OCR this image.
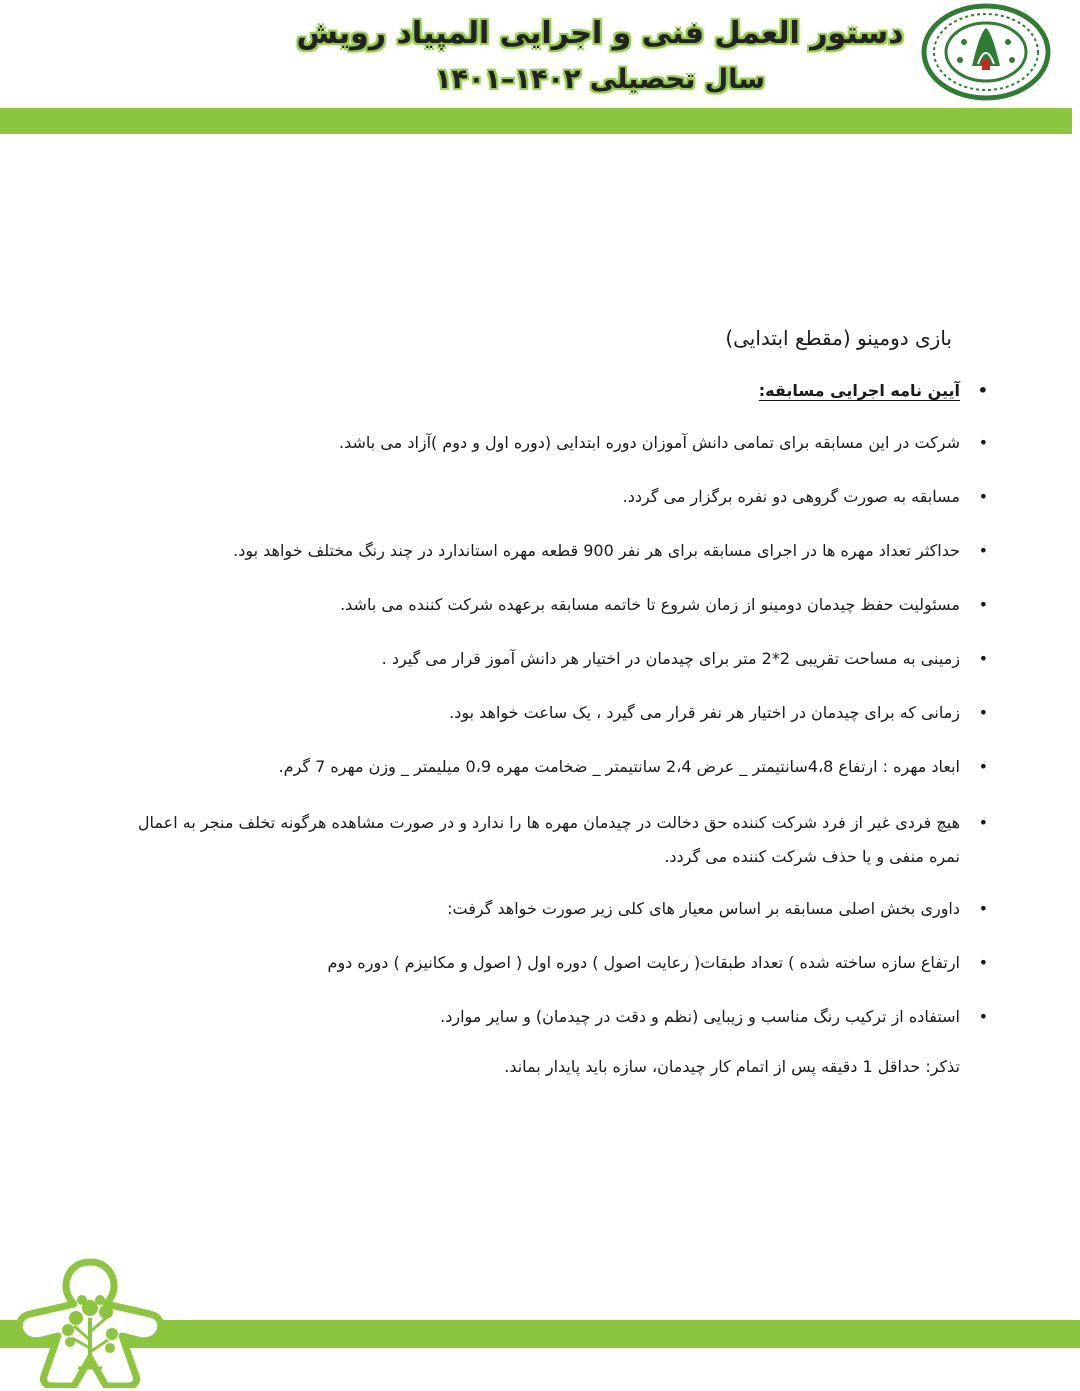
دستور العمل فنی و اجرایی المپیاد رویش
سال تحصیلی ۱۴۰۲–۱۴۰۱
بازی دومینو (مقطع ابتدایی)
•
آیین نامه اجرایی مسابقه:
•
شرکت در این مسابقه برای تمامی دانش آموزان دوره ابتدایی (دوره اول و دوم )آزاد می باشد.
•
مسابقه به صورت گروهی دو نفره برگزار می گردد.
•
حداکثر تعداد مهره ها در اجرای مسابقه برای هر نفر 900 قطعه مهره استاندارد در چند رنگ مختلف خواهد بود.
•
مسئولیت حفظ چیدمان دومینو از زمان شروع تا خاتمه مسابقه برعهده شرکت کننده می باشد.
•
زمینی به مساحت تقریبی 2*2 متر برای چیدمان در اختیار هر دانش آموز قرار می گیرد .
•
زمانی که برای چیدمان در اختیار هر نفر قرار می گیرد ، یک ساعت خواهد بود.
•
ابعاد مهره : ارتفاع 4،8سانتیمتر _ عرض 2،4 سانتیمتر _ ضخامت مهره 0،9 میلیمتر _ وزن مهره 7 گرم.
•
هیچ فردی غیر از فرد شرکت کننده حق دخالت در چیدمان مهره ها را ندارد و در صورت مشاهده هرگونه تخلف منجر به اعمال نمره منفی و یا حذف شرکت کننده می گردد.
•
داوری بخش اصلی مسابقه بر اساس معیار های کلی زیر صورت خواهد گرفت:
•
ارتفاع سازه ساخته شده ) تعداد طبقات( رعایت اصول ) دوره اول ( اصول و مکانیزم ) دوره دوم
•
استفاده از ترکیب رنگ مناسب و زیبایی (نظم و دقت در چیدمان) و سایر موارد.
تذکر: حداقل 1 دقیقه پس از اتمام کار چیدمان، سازه باید پایدار بماند.
